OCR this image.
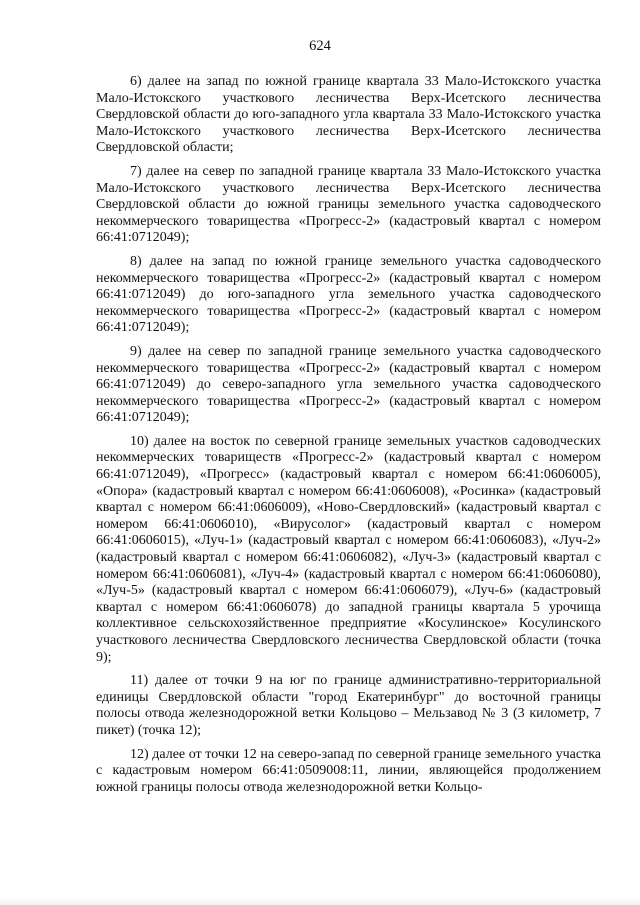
624

6) далее на запад по южной границе квартала 33 Мало-Истокского участка Мало-Истокского участкового лесничества Верх-Исетского лесничества Свердловской области до юго-западного угла квартала 33 Мало-Истокского участка Мало-Истокского участкового лесничества Верх-Исетского лесничества Свердловской области;

7) далее на север по западной границе квартала 33 Мало-Истокского участка Мало-Истокского участкового лесничества Верх-Исетского лесничества Свердловской области до южной границы земельного участка садоводческого некоммерческого товарищества «Прогресс-2» (кадастровый квартал с номером 66:41:0712049);

8) далее на запад по южной границе земельного участка садоводческого некоммерческого товарищества «Прогресс-2» (кадастровый квартал с номером 66:41:0712049) до юго-западного угла земельного участка садоводческого некоммерческого товарищества «Прогресс-2» (кадастровый квартал с номером 66:41:0712049);

9) далее на север по западной границе земельного участка садоводческого некоммерческого товарищества «Прогресс-2» (кадастровый квартал с номером 66:41:0712049) до северо-западного угла земельного участка садоводческого некоммерческого товарищества «Прогресс-2» (кадастровый квартал с номером 66:41:0712049);

10) далее на восток по северной границе земельных участков садоводческих некоммерческих товариществ «Прогресс-2» (кадастровый квартал с номером 66:41:0712049), «Прогресс» (кадастровый квартал с номером 66:41:0606005), «Опора» (кадастровый квартал с номером 66:41:0606008), «Росинка» (кадастровый квартал с номером 66:41:0606009), «Ново-Свердловский» (кадастровый квартал с номером 66:41:0606010), «Вирусолог» (кадастровый квартал с номером 66:41:0606015), «Луч-1» (кадастровый квартал с номером 66:41:0606083), «Луч-2» (кадастровый квартал с номером 66:41:0606082), «Луч-3» (кадастровый квартал с номером 66:41:0606081), «Луч-4» (кадастровый квартал с номером 66:41:0606080), «Луч-5» (кадастровый квартал с номером 66:41:0606079), «Луч-6» (кадастровый квартал с номером 66:41:0606078) до западной границы квартала 5 урочища коллективное сельскохозяйственное предприятие «Косулинское» Косулинского участкового лесничества Свердловского лесничества Свердловской области (точка 9);

11) далее от точки 9 на юг по границе административно-территориальной единицы Свердловской области "город Екатеринбург" до восточной границы полосы отвода железнодорожной ветки Кольцово – Мельзавод № 3 (3 километр, 7 пикет) (точка 12);

12) далее от точки 12 на северо-запад по северной границе земельного участка с кадастровым номером 66:41:0509008:11, линии, являющейся продолжением южной границы полосы отвода железнодорожной ветки Кольцо-
